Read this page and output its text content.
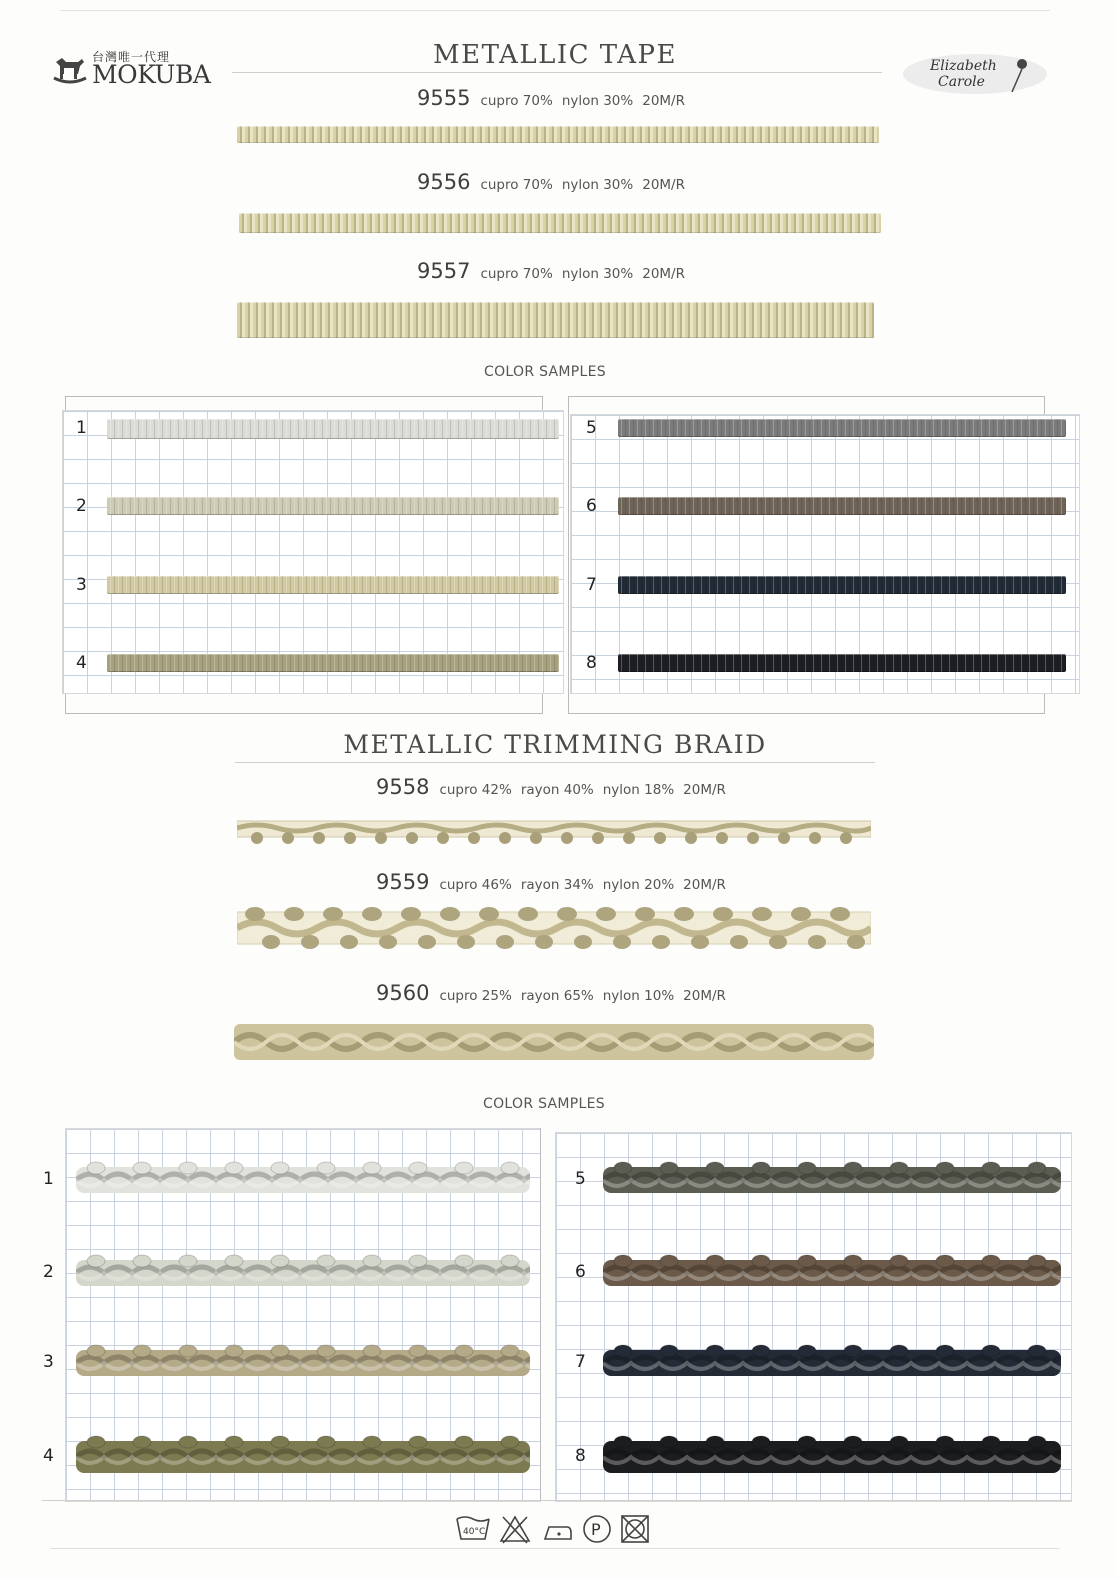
台灣唯一代理
MOKUBA
METALLIC TAPE	Elizabeth
Carole
9555 cupro 70% nylon 30% 20M/R
9556 cupro 70% nylon 30% 20M/R
9557 cupro 70% nylon 30% 20M/R
COLOR SAMPLES
1
2
3
4
5
6
7
8
METALLIC TRIMMING BRAID
9558 cupro 42% rayon 40% nylon 18% 20M/R
9559 cupro 46% rayon 34% nylon 20% 20M/R
9560 cupro 25% rayon 65% nylon 10% 20M/R
COLOR SAMPLES
1
2
3
4
5
6
7
8
40°C	P
